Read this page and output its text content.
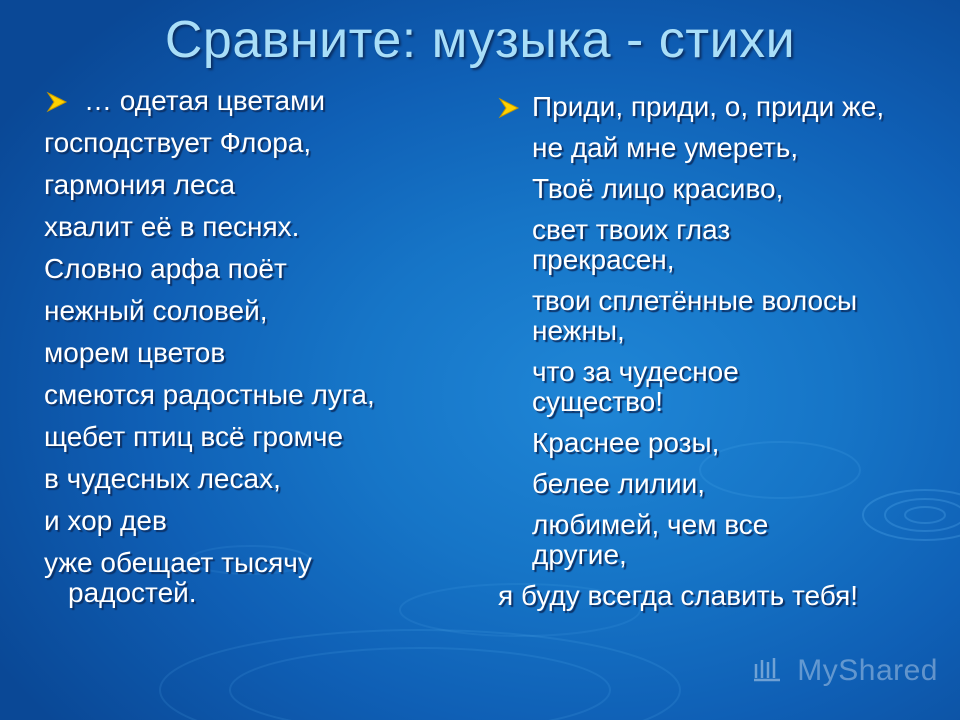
Сравните: музыка - стихи
… одетая цветами
господствует Флора,
гармония леса
хвалит её в песнях.
Словно арфа поёт
нежный соловей,
морем цветов
смеются радостные луга,
щебет птиц всё громче
в чудесных лесах,
и хор дев
уже обещает тысячу радостей.
Приди, приди, о, приди же,
не дай мне умереть,
Твоё лицо красиво,
свет твоих глаз прекрасен,
твои сплетённые волосы нежны,
что за чудесное существо!
Краснее розы,
белее лилии,
любимей, чем все другие,
я буду всегда славить тебя!
MyShared
